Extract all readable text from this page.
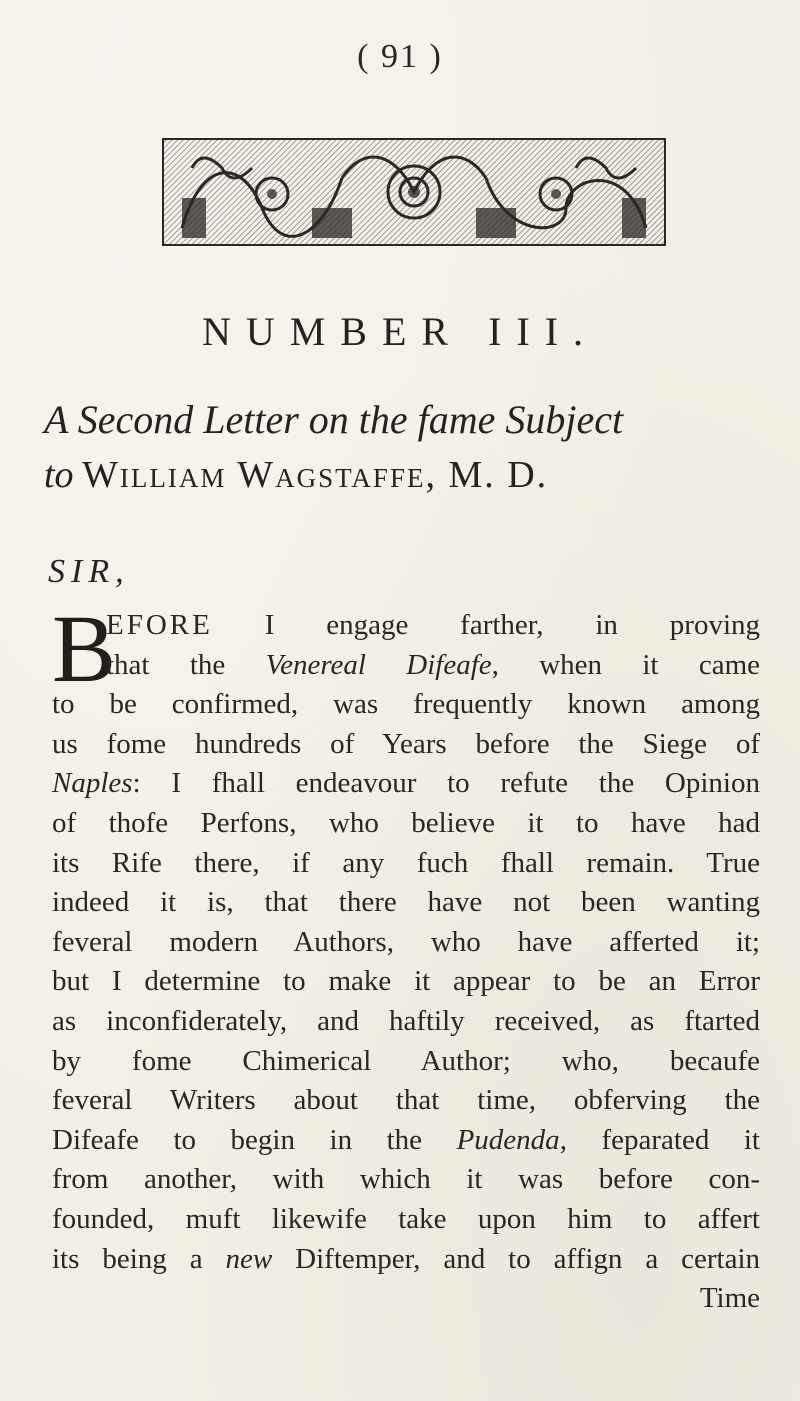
( 91 )
NUMBER III.
A Second Letter on the fame Subject
to William Wagstaffe, M. D.
SIR,
B
EFORE I engage farther, in proving
that the Venereal Difeafe, when it came
to be confirmed, was frequently known among
us fome hundreds of Years before the Siege of
Naples: I fhall endeavour to refute the Opinion
of thofe Perfons, who believe it to have had
its Rife there, if any fuch fhall remain. True
indeed it is, that there have not been wanting
feveral modern Authors, who have afferted it;
but I determine to make it appear to be an Error
as inconfiderately, and haftily received, as ftarted
by fome Chimerical Author; who, becaufe
feveral Writers about that time, obferving the
Difeafe to begin in the Pudenda, feparated it
from another, with which it was before con-
founded, muft likewife take upon him to affert
its being a new Diftemper, and to affign a certain
Time
